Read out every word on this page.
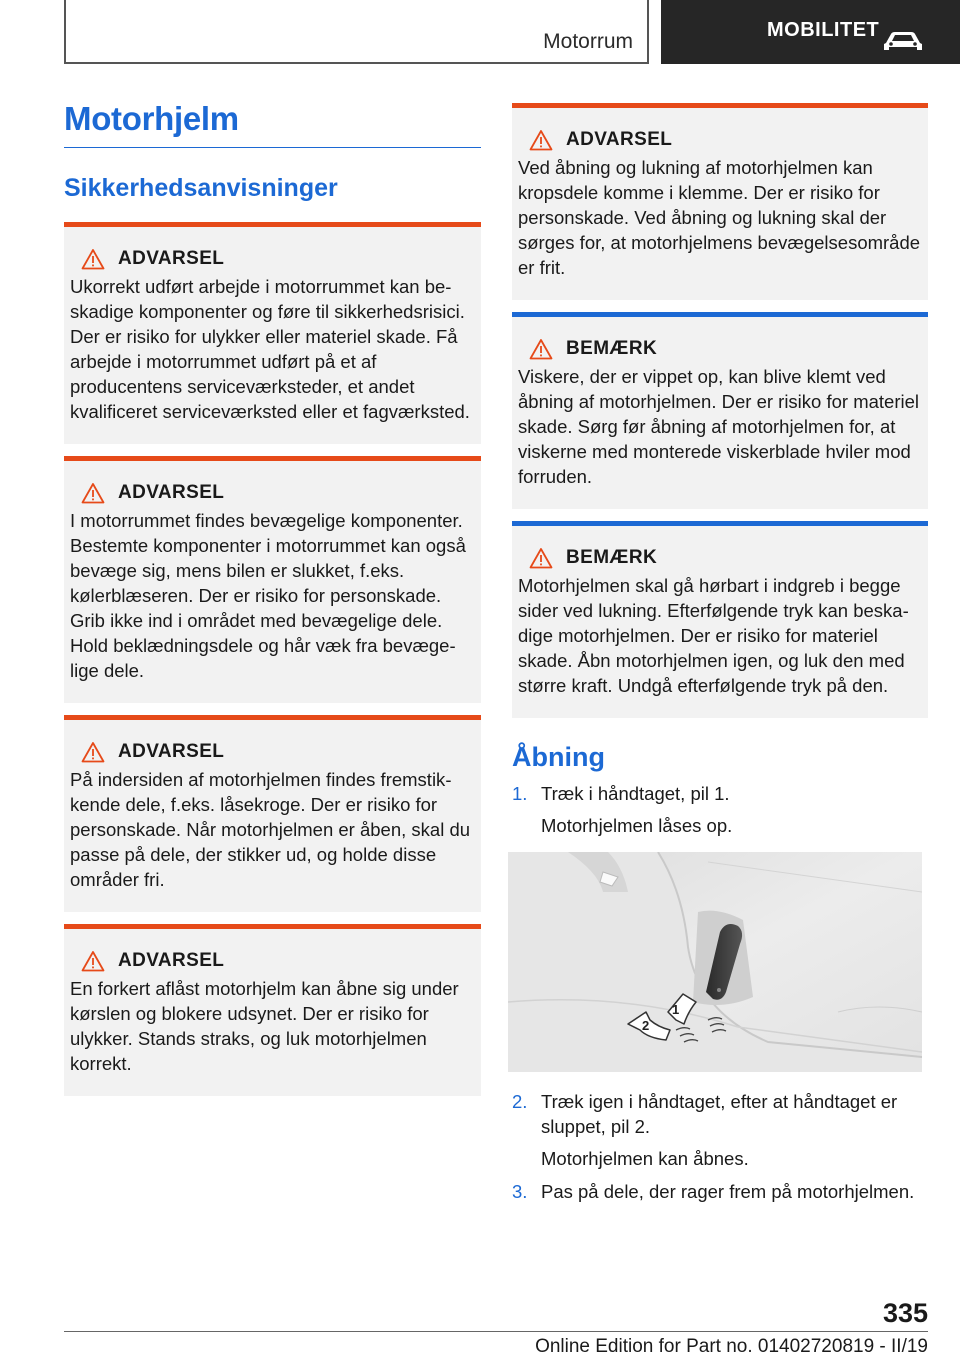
Motorrum
MOBILITET
Motorhjelm
Sikkerhedsanvisninger
ADVARSEL

Ukorrekt udført arbejde i motorrummet kan beskadige komponenter og føre til sikkerhedsrisici. Der er risiko for ulykker eller materiel skade. Få arbejde i motorrummet udført på et af producentens serviceværksteder, et andet kvalificeret serviceværksted eller et fagværksted.

ADVARSEL

I motorrummet findes bevægelige komponenter. Bestemte komponenter i motorrummet kan også bevæge sig, mens bilen er slukket, f.eks. kølerblæseren. Der er risiko for personskade. Grib ikke ind i området med bevægelige dele. Hold beklædningsdele og hår væk fra bevægelige dele.

ADVARSEL

På indersiden af motorhjelmen findes fremstikkende dele, f.eks. låsekroge. Der er risiko for personskade. Når motorhjelmen er åben, skal du passe på dele, der stikker ud, og holde disse områder fri.

ADVARSEL

En forkert aflåst motorhjelm kan åbne sig under kørslen og blokere udsynet. Der er risiko for ulykker. Stands straks, og luk motorhjelmen korrekt.

ADVARSEL

Ved åbning og lukning af motorhjelmen kan kropsdele komme i klemme. Der er risiko for personskade. Ved åbning og lukning skal der sørges for, at motorhjelmens bevægelsesområde er frit.

BEMÆRK

Viskere, der er vippet op, kan blive klemt ved åbning af motorhjelmen. Der er risiko for materiel skade. Sørg før åbning af motorhjelmen for, at viskerne med monterede viskerblade hviler mod forruden.

BEMÆRK

Motorhjelmen skal gå hørbart i indgreb i begge sider ved lukning. Efterfølgende tryk kan beskadige motorhjelmen. Der er risiko for materiel skade. Åbn motorhjelmen igen, og luk den med større kraft. Undgå efterfølgende tryk på den.

Åbning
1. Træk i håndtaget, pil 1.

Motorhjelmen låses op.

1
2
2. Træk igen i håndtaget, efter at håndtaget er sluppet, pil 2.

Motorhjelmen kan åbnes.

3. Pas på dele, der rager frem på motorhjelmen.
335
Online Edition for Part no. 01402720819 - II/19
